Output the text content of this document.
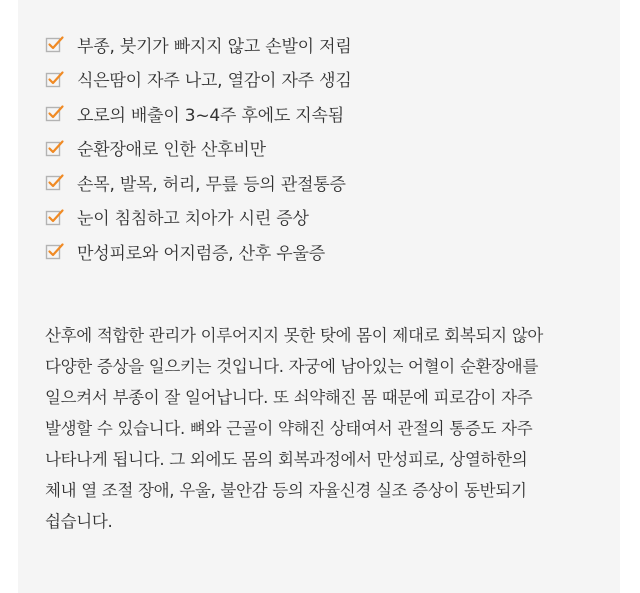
부종, 붓기가 빠지지 않고 손발이 저림
식은땀이 자주 나고, 열감이 자주 생김
오로의 배출이 3~4주 후에도 지속됨
순환장애로 인한 산후비만
손목, 발목, 허리, 무릎 등의 관절통증
눈이 침침하고 치아가 시린 증상
만성피로와 어지럼증, 산후 우울증

산후에 적합한 관리가 이루어지지 못한 탓에 몸이 제대로 회복되지 않아
다양한 증상을 일으키는 것입니다. 자궁에 남아있는 어혈이 순환장애를
일으켜서 부종이 잘 일어납니다. 또 쇠약해진 몸 때문에 피로감이 자주
발생할 수 있습니다. 뼈와 근골이 약해진 상태여서 관절의 통증도 자주
나타나게 됩니다. 그 외에도 몸의 회복과정에서 만성피로, 상열하한의
체내 열 조절 장애, 우울, 불안감 등의 자율신경 실조 증상이 동반되기
쉽습니다.
